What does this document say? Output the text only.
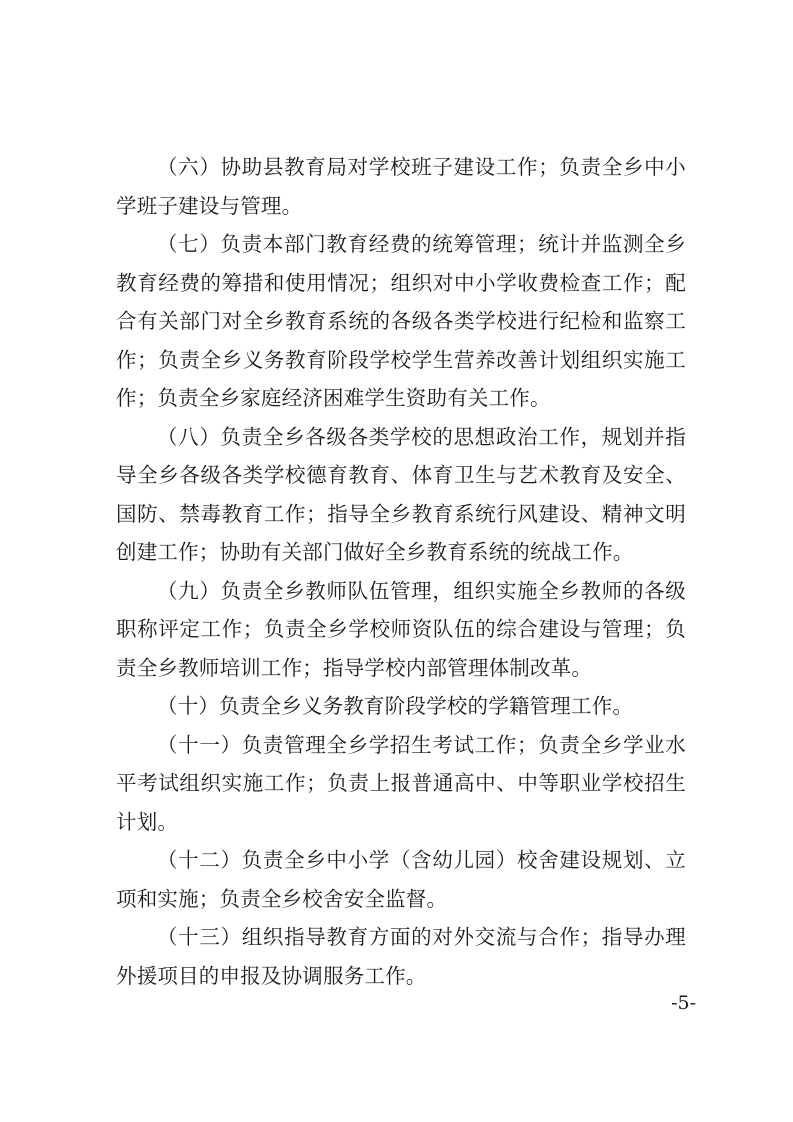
（六）协助县教育局对学校班子建设工作；负责全乡中小学班子建设与管理。

（七）负责本部门教育经费的统筹管理；统计并监测全乡教育经费的筹措和使用情况；组织对中小学收费检查工作；配合有关部门对全乡教育系统的各级各类学校进行纪检和监察工作；负责全乡义务教育阶段学校学生营养改善计划组织实施工作；负责全乡家庭经济困难学生资助有关工作。

（八）负责全乡各级各类学校的思想政治工作，规划并指导全乡各级各类学校德育教育、体育卫生与艺术教育及安全、国防、禁毒教育工作；指导全乡教育系统行风建设、精神文明创建工作；协助有关部门做好全乡教育系统的统战工作。

（九）负责全乡教师队伍管理，组织实施全乡教师的各级职称评定工作；负责全乡学校师资队伍的综合建设与管理；负责全乡教师培训工作；指导学校内部管理体制改革。

（十）负责全乡义务教育阶段学校的学籍管理工作。

（十一）负责管理全乡学招生考试工作；负责全乡学业水平考试组织实施工作；负责上报普通高中、中等职业学校招生计划。

（十二）负责全乡中小学（含幼儿园）校舍建设规划、立项和实施；负责全乡校舍安全监督。

（十三）组织指导教育方面的对外交流与合作；指导办理外援项目的申报及协调服务工作。

-5-
